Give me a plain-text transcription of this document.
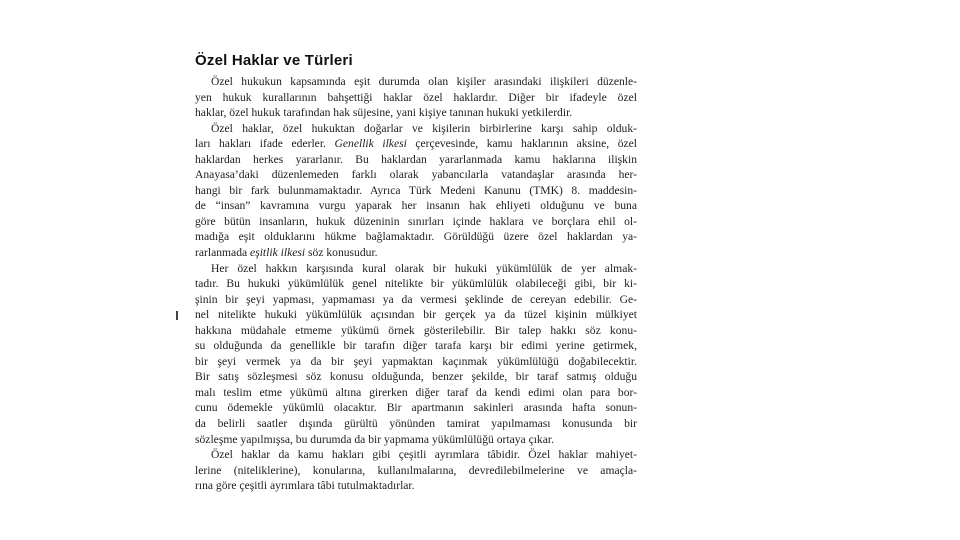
Özel Haklar ve Türleri
Özel hukukun kapsamında eşit durumda olan kişiler arasındaki ilişkileri düzenle-
yen hukuk kurallarının bahşettiği haklar özel haklardır. Diğer bir ifadeyle özel
haklar, özel hukuk tarafından hak süjesine, yani kişiye tanınan hukuki yetkilerdir.
Özel haklar, özel hukuktan doğarlar ve kişilerin birbirlerine karşı sahip olduk-
ları hakları ifade ederler. Genellik ilkesi çerçevesinde, kamu haklarının aksine, özel
haklardan herkes yararlanır. Bu haklardan yararlanmada kamu haklarına ilişkin
Anayasa’daki düzenlemeden farklı olarak yabancılarla vatandaşlar arasında her-
hangi bir fark bulunmamaktadır. Ayrıca Türk Medeni Kanunu (TMK) 8. maddesin-
de “insan” kavramına vurgu yaparak her insanın hak ehliyeti olduğunu ve buna
göre bütün insanların, hukuk düzeninin sınırları içinde haklara ve borçlara ehil ol-
madığa eşit olduklarını hükme bağlamaktadır. Görüldüğü üzere özel haklardan ya-
rarlanmada eşitlik ilkesi söz konusudur.
Her özel hakkın karşısında kural olarak bir hukuki yükümlülük de yer almak-
tadır. Bu hukuki yükümlülük genel nitelikte bir yükümlülük olabileceği gibi, bir ki-
şinin bir şeyi yapması, yapmaması ya da vermesi şeklinde de cereyan edebilir. Ge-
nel nitelikte hukuki yükümlülük açısından bir gerçek ya da tüzel kişinin mülkiyet
hakkına müdahale etmeme yükümü örnek gösterilebilir. Bir talep hakkı söz konu-
su olduğunda da genellikle bir tarafın diğer tarafa karşı bir edimi yerine getirmek,
bir şeyi vermek ya da bir şeyi yapmaktan kaçınmak yükümlülüğü doğabilecektir.
Bir satış sözleşmesi söz konusu olduğunda, benzer şekilde, bir taraf satmış olduğu
malı teslim etme yükümü altına girerken diğer taraf da kendi edimi olan para bor-
cunu ödemekle yükümlü olacaktır. Bir apartmanın sakinleri arasında hafta sonun-
da belirli saatler dışında gürültü yönünden tamirat yapılmaması konusunda bir
sözleşme yapılmışsa, bu durumda da bir yapmama yükümlülüğü ortaya çıkar.
Özel haklar da kamu hakları gibi çeşitli ayrımlara tâbidir. Özel haklar mahiyet-
lerine (niteliklerine), konularına, kullanılmalarına, devredilebilmelerine ve amaçla-
rına göre çeşitli ayrımlara tâbi tutulmaktadırlar.
